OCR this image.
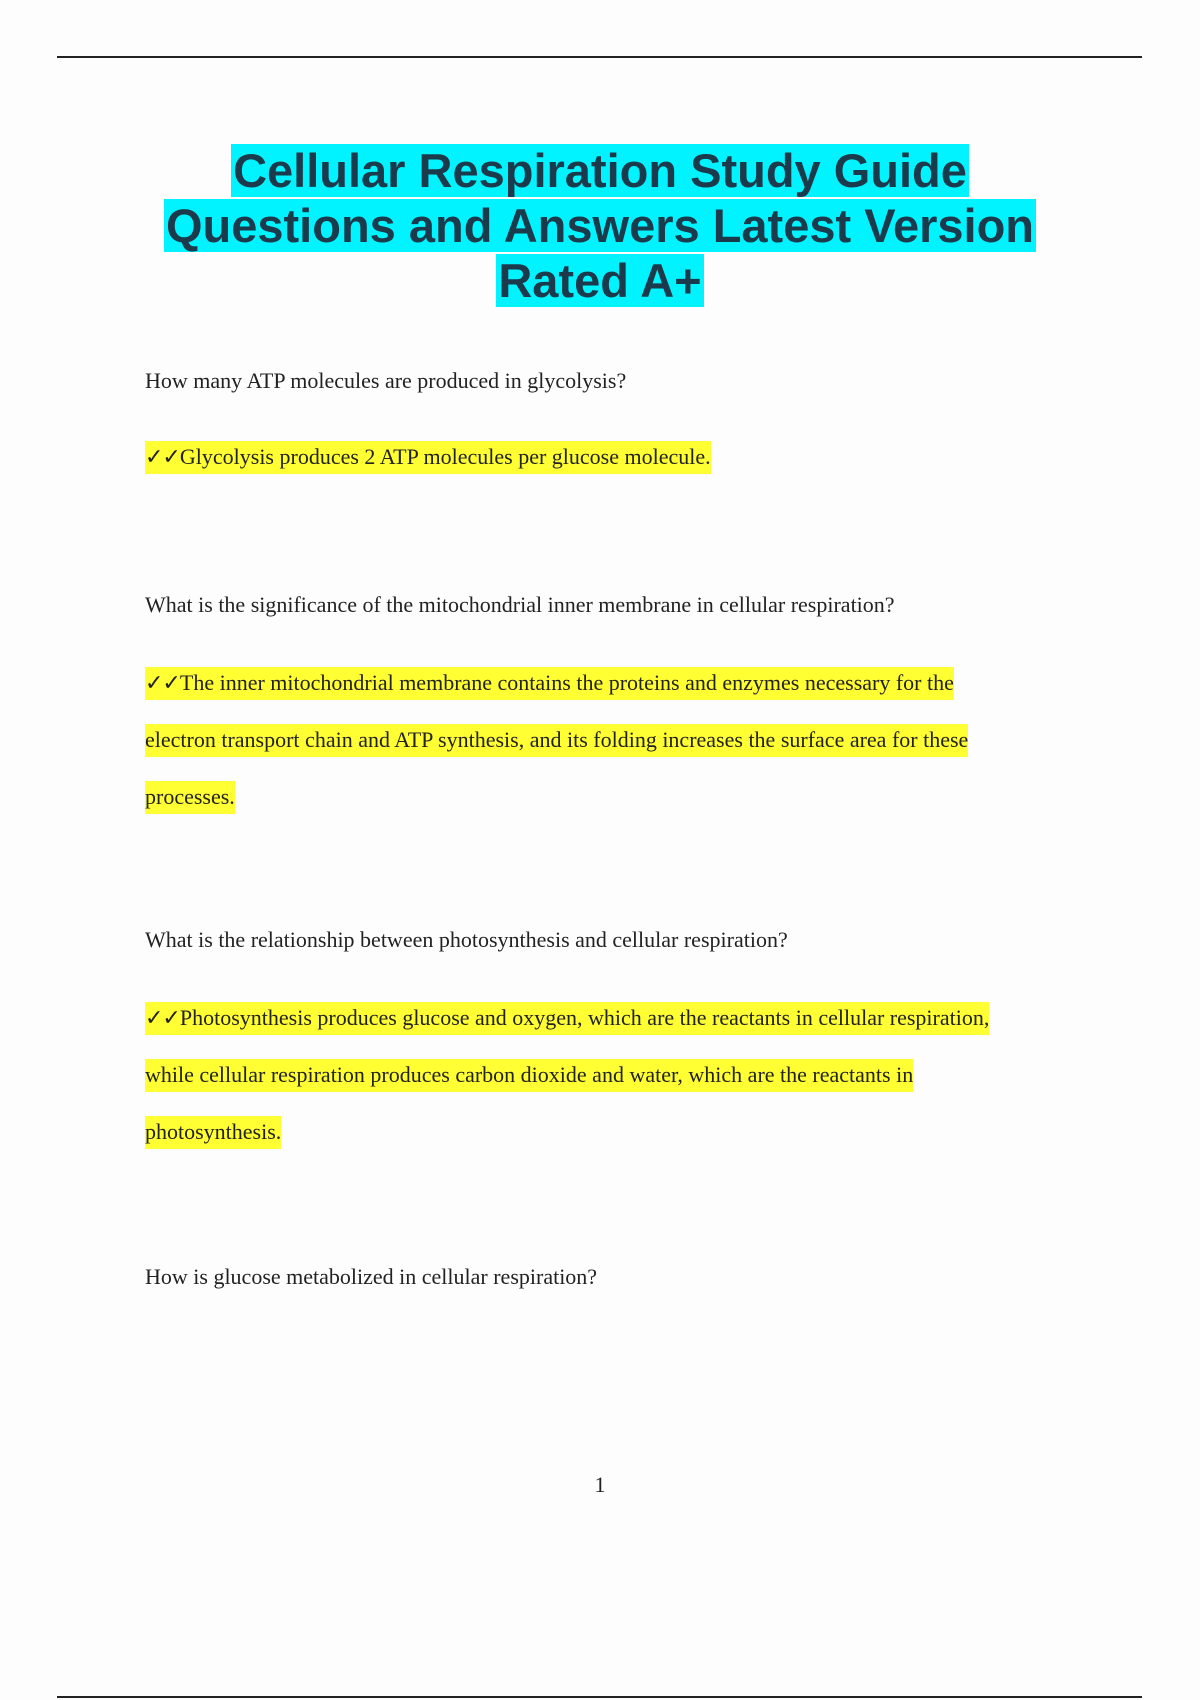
Cellular Respiration Study Guide
Questions and Answers Latest Version
Rated A+
How many ATP molecules are produced in glycolysis?
✓✓Glycolysis produces 2 ATP molecules per glucose molecule.
What is the significance of the mitochondrial inner membrane in cellular respiration?
✓✓The inner mitochondrial membrane contains the proteins and enzymes necessary for the
electron transport chain and ATP synthesis, and its folding increases the surface area for these
processes.
What is the relationship between photosynthesis and cellular respiration?
✓✓Photosynthesis produces glucose and oxygen, which are the reactants in cellular respiration,
while cellular respiration produces carbon dioxide and water, which are the reactants in
photosynthesis.
How is glucose metabolized in cellular respiration?
1
